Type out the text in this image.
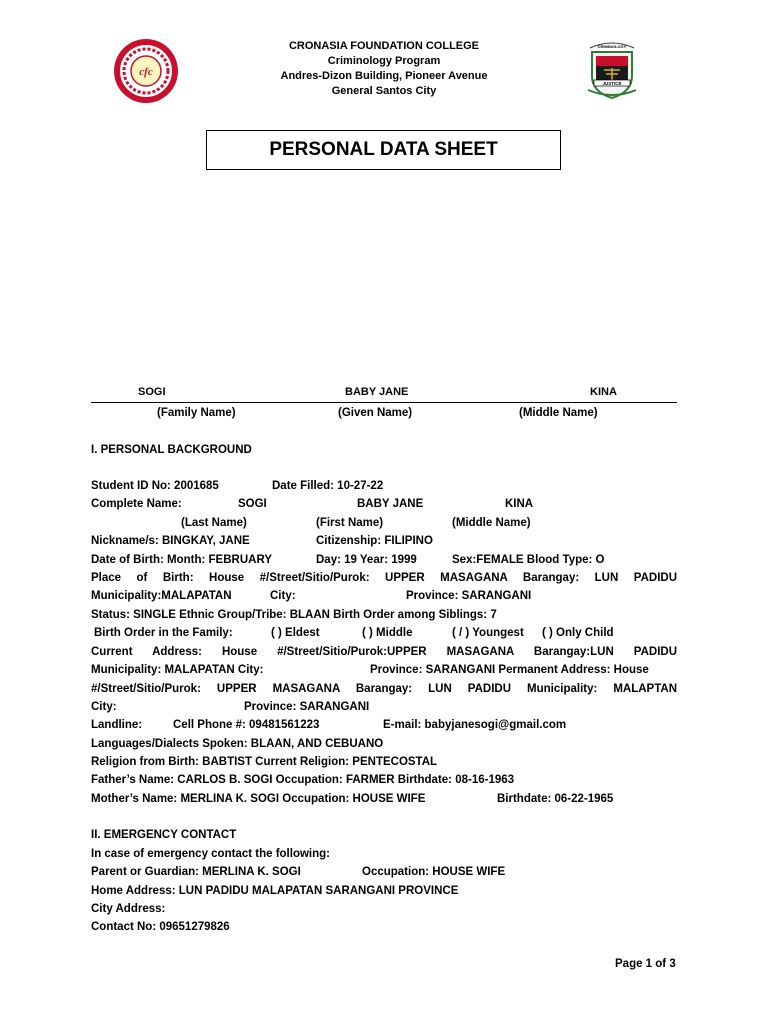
cfc
CRIMINOLOGY
JUSTICE
CRONASIA FOUNDATION COLLEGE
Criminology Program
Andres-Dizon Building, Pioneer Avenue
General Santos City
PERSONAL DATA SHEET
SOGI	BABY JANE	KINA
(Family Name)	(Given Name)	(Middle Name)
I. PERSONAL BACKGROUND
Student ID No: 2001685	Date Filled: 10-27-22
Complete Name:	SOGI	BABY JANE	KINA
(Last Name)	(First Name)	(Middle Name)
Nickname/s: BINGKAY, JANE	Citizenship: FILIPINO
Date of Birth: Month: FEBRUARY	Day: 19 Year: 1999	Sex:FEMALE Blood Type: O
Place of Birth: House #/Street/Sitio/Purok: UPPER MASAGANA Barangay: LUN PADIDU
Municipality:MALAPATAN	City:	Province: SARANGANI
Status: SINGLE Ethnic Group/Tribe: BLAAN Birth Order among Siblings: 7
Birth Order in the Family:	( ) Eldest	( ) Middle	( / ) Youngest ( ) Only Child
Current Address: House #/Street/Sitio/Purok:UPPER MASAGANA Barangay:LUN PADIDU
Municipality: MALAPATAN City:	Province: SARANGANI Permanent Address: House
#/Street/Sitio/Purok: UPPER MASAGANA Barangay: LUN PADIDU Municipality: MALAPTAN
City:	Province: SARANGANI
Landline:	Cell Phone #: 09481561223	E-mail: babyjanesogi@gmail.com
Languages/Dialects Spoken: BLAAN, AND CEBUANO
Religion from Birth: BABTIST Current Religion: PENTECOSTAL
Father’s Name: CARLOS B. SOGI Occupation: FARMER Birthdate: 08-16-1963
Mother’s Name: MERLINA K. SOGI Occupation: HOUSE WIFE	Birthdate: 06-22-1965
II. EMERGENCY CONTACT
In case of emergency contact the following:
Parent or Guardian: MERLINA K. SOGI	Occupation: HOUSE WIFE
Home Address: LUN PADIDU MALAPATAN SARANGANI PROVINCE
City Address:
Contact No: 09651279826
Page 1 of 3
